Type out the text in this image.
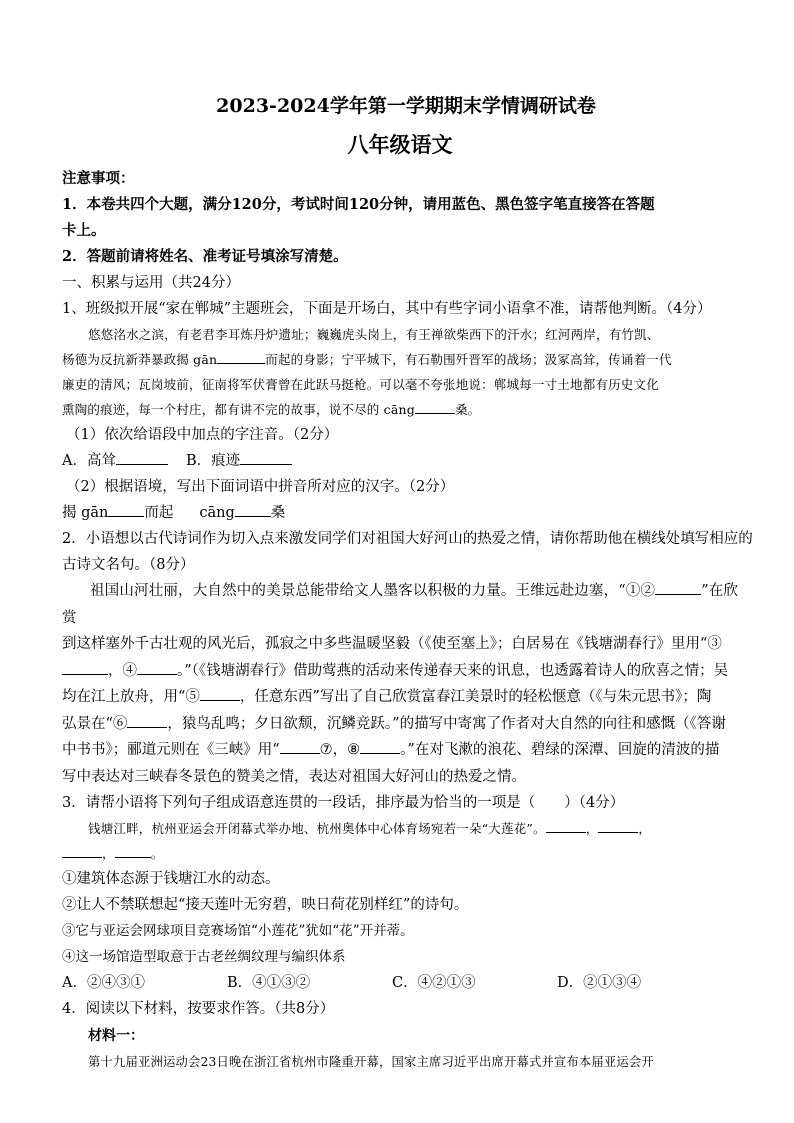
2023-2024学年第一学期期末学情调研试卷

八年级语文

注意事项：

1．本卷共四个大题，满分120分，考试时间120分钟，请用蓝色、黑色签字笔直接答在答题

卡上。

2．答题前请将姓名、准考证号填涂写清楚。

一、积累与运用（共24分）

1、班级拟开展“家在郸城”主题班会，下面是开场白，其中有些字词小语拿不准，请帮他判断。（4分）

悠悠洺水之滨，有老君李耳炼丹炉遗址；巍巍虎头岗上，有王禅欲柴西下的汗水；红河两岸，有竹凯、

杨德为反抗新莽暴政揭 gān	而起的身影；宁平城下，有石勒围歼晋军的战场；汲冢高耸，传诵着一代

廉吏的清风；瓦岗坡前，征南将军伏膏曾在此跃马挺枪。可以毫不夸张地说：郸城每一寸土地都有历史文化

熏陶的痕迹，每一个村庄，都有讲不完的故事，说不尽的 cāng	桑。

（1）依次给语段中加点的字注音。（2分）

A．高耸	B．痕迹

（2）根据语境，写出下面词语中拼音所对应的汉字。（2分）

揭 gān 而起 cāng 桑

2．小语想以古代诗词作为切入点来激发同学们对祖国大好河山的热爱之情，请你帮助他在横线处填写相应的

古诗文名句。（8分）

祖国山河壮丽，大自然中的美景总能带给文人墨客以积极的力量。王维远赴边塞，“①②	”在欣赏

到这样塞外千古壮观的风光后，孤寂之中多些温暖坚毅（《使至塞上》；白居易在《钱塘湖春行》里用“③

，④	。”（《钱塘湖春行》借助莺燕的活动来传递春天来的讯息，也透露着诗人的欣喜之情；吴

均在江上放舟，用“⑤	，任意东西”写出了自己欣赏富春江美景时的轻松惬意（《与朱元思书》；陶

弘景在“⑥	，猿鸟乱鸣；夕日欲颓，沉鳞竞跃。”的描写中寄寓了作者对大自然的向往和感慨（《答谢

中书书》；郦道元则在《三峡》用“	⑦，⑧	。”在对飞漱的浪花、碧绿的深潭、回旋的清波的描

写中表达对三峡春冬景色的赞美之情，表达对祖国大好河山的热爱之情。

3．请帮小语将下列句子组成语意连贯的一段话，排序最为恰当的一项是（　　）（4分）

钱塘江畔，杭州亚运会开闭幕式举办地、杭州奥体中心体育场宛若一朵“大莲花”。	，	，

，	。

①建筑体态源于钱塘江水的动态。

②让人不禁联想起“接天莲叶无穷碧，映日荷花别样红”的诗句。

③它与亚运会网球项目竞赛场馆“小莲花”犹如“花”开并蒂。

④这一场馆造型取意于古老丝绸纹理与编织体系

A．②④③①	B．④①③②	C．④②①③	D．②①③④

4．阅读以下材料，按要求作答。（共8分）

材料一：

第十九届亚洲运动会23日晚在浙江省杭州市隆重开幕，国家主席习近平出席开幕式并宣布本届亚运会开
